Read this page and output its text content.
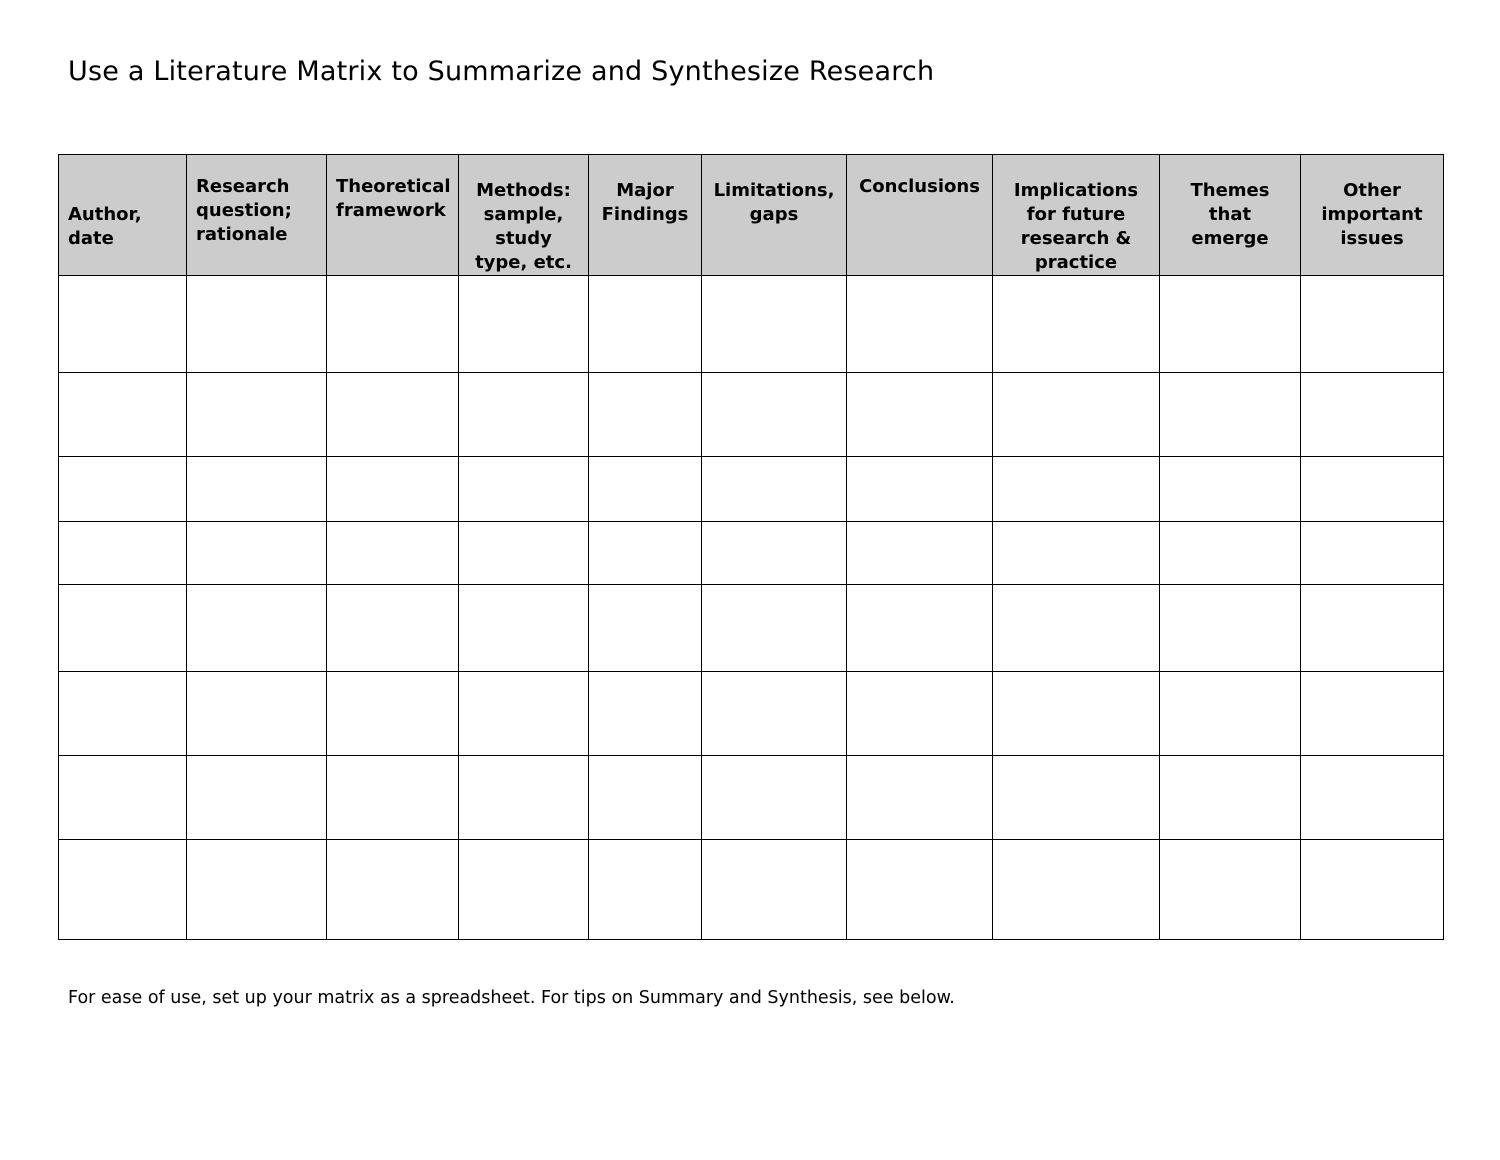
Use a Literature Matrix to Summarize and Synthesize Research
Author, date	Research question; rationale	Theoretical framework	Methods: sample, study type, etc.	Major Findings	Limitations, gaps	Conclusions	Implications for future research & practice	Themes that emerge	Other important issues

For ease of use, set up your matrix as a spreadsheet. For tips on Summary and Synthesis, see below.
